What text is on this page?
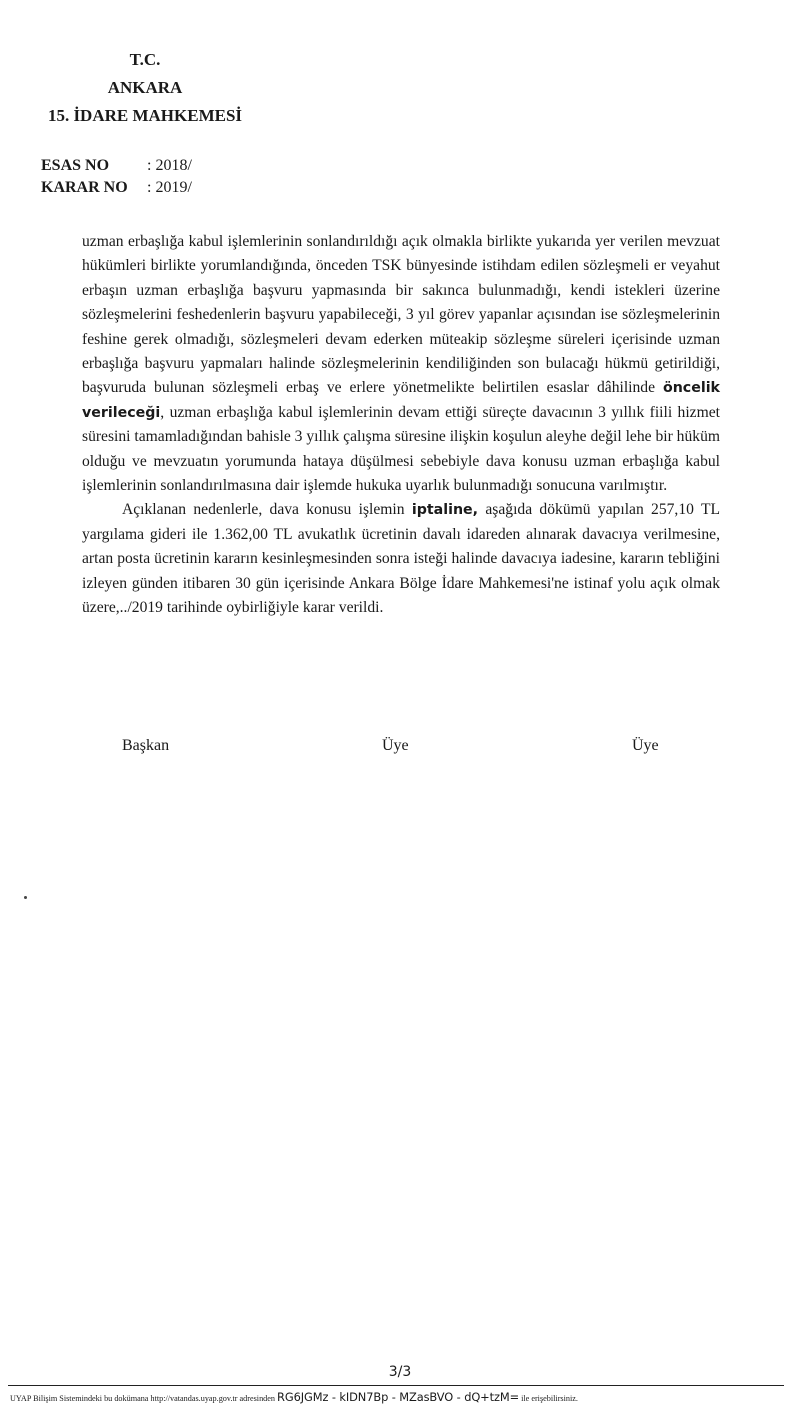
T.C.
ANKARA
15. İDARE MAHKEMESİ
ESAS NO	: 2018/
KARAR NO	: 2019/

uzman erbaşlığa kabul işlemlerinin sonlandırıldığı açık olmakla birlikte yukarıda yer verilen mevzuat hükümleri birlikte yorumlandığında, önceden TSK bünyesinde istihdam edilen sözleşmeli er veyahut erbaşın uzman erbaşlığa başvuru yapmasında bir sakınca bulunmadığı, kendi istekleri üzerine sözleşmelerini feshedenlerin başvuru yapabileceği, 3 yıl görev yapanlar açısından ise sözleşmelerinin feshine gerek olmadığı, sözleşmeleri devam ederken müteakip sözleşme süreleri içerisinde uzman erbaşlığa başvuru yapmaları halinde sözleşmelerinin kendiliğinden son bulacağı hükmü getirildiği, başvuruda bulunan sözleşmeli erbaş ve erlere yönetmelikte belirtilen esaslar dâhilinde öncelik verileceği, uzman erbaşlığa kabul işlemlerinin devam ettiği süreçte davacının 3 yıllık fiili hizmet süresini tamamladığından bahisle 3 yıllık çalışma süresine ilişkin koşulun aleyhe değil lehe bir hüküm olduğu ve mevzuatın yorumunda hataya düşülmesi sebebiyle dava konusu uzman erbaşlığa kabul işlemlerinin sonlandırılmasına dair işlemde hukuka uyarlık bulunmadığı sonucuna varılmıştır.

Açıklanan nedenlerle, dava konusu işlemin iptaline, aşağıda dökümü yapılan 257,10 TL yargılama gideri ile 1.362,00 TL avukatlık ücretinin davalı idareden alınarak davacıya verilmesine, artan posta ücretinin kararın kesinleşmesinden sonra isteği halinde davacıya iadesine, kararın tebliğini izleyen günden itibaren 30 gün içerisinde Ankara Bölge İdare Mahkemesi'ne istinaf yolu açık olmak üzere,../2019 tarihinde oybirliğiyle karar verildi.

Başkan	Üye	Üye
3/3
UYAP Bilişim Sistemindeki bu dokümana http://vatandas.uyap.gov.tr adresinden RG6JGMz - kIDN7Bp - MZasBVO - dQ+tzM= ile erişebilirsiniz.
